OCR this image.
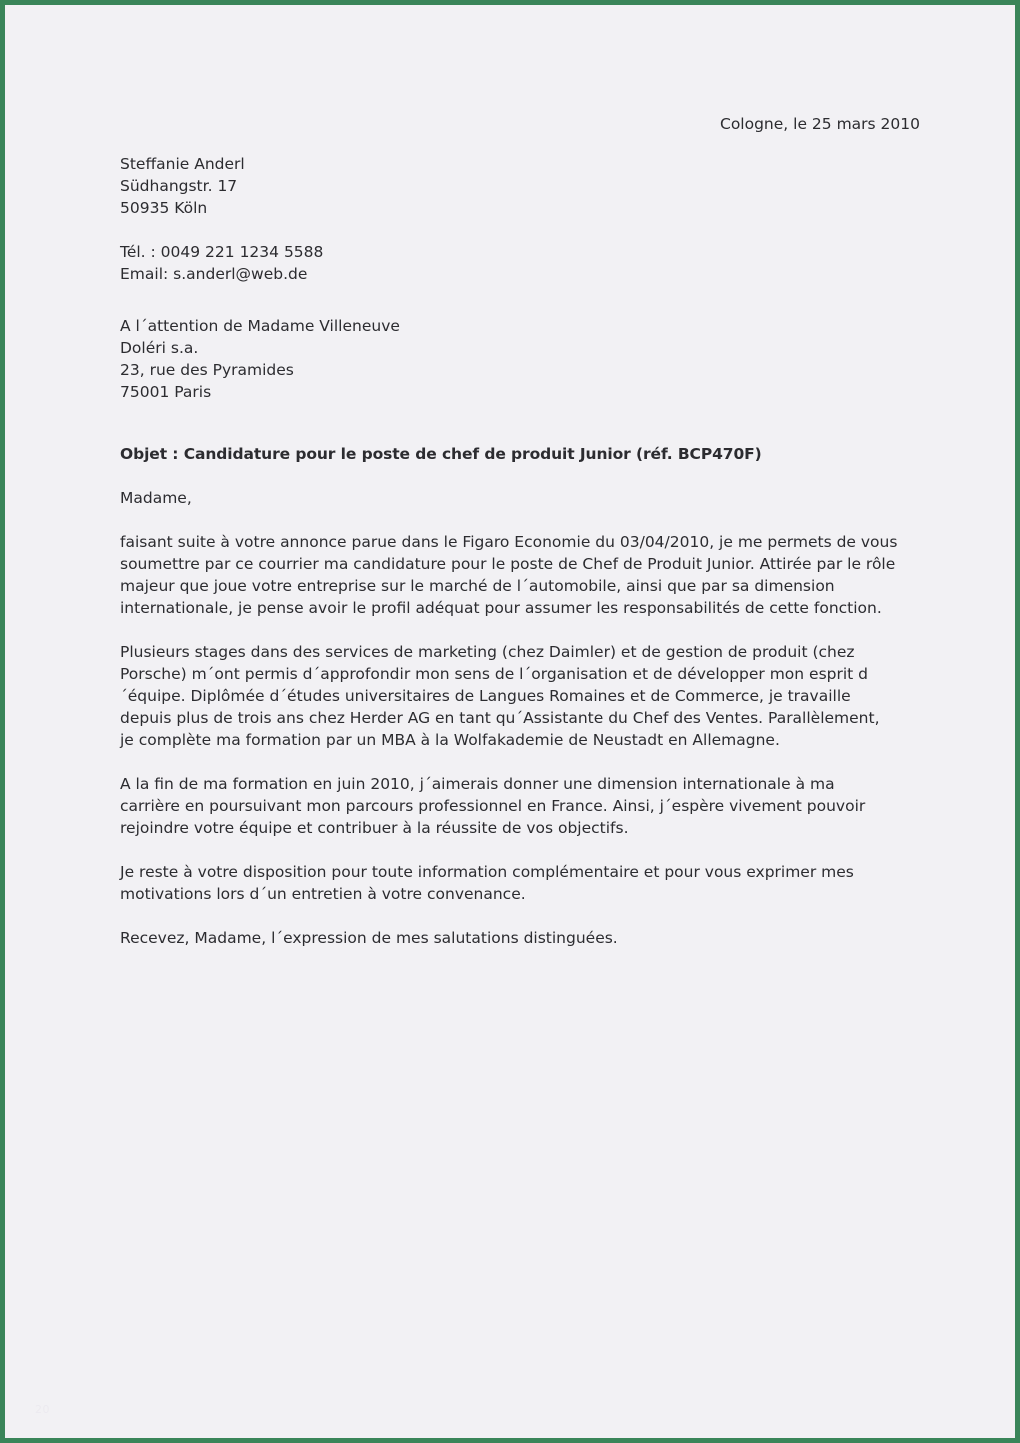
Cologne, le 25 mars 2010
Steffanie Anderl
Südhangstr. 17
50935 Köln
Tél. : 0049 221 1234 5588
Email: s.anderl@web.de
A l´attention de Madame Villeneuve
Doléri s.a.
23, rue des Pyramides
75001 Paris
Objet : Candidature pour le poste de chef de produit Junior (réf. BCP470F)
Madame,

faisant suite à votre annonce parue dans le Figaro Economie du 03/04/2010, je me permets de vous soumettre par ce courrier ma candidature pour le poste de Chef de Produit Junior. Attirée par le rôle majeur que joue votre entreprise sur le marché de l´automobile, ainsi que par sa dimension internationale, je pense avoir le profil adéquat pour assumer les responsabilités de cette fonction.

Plusieurs stages dans des services de marketing (chez Daimler) et de gestion de produit (chez Porsche) m´ont permis d´approfondir mon sens de l´organisation et de développer mon esprit d´équipe. Diplômée d´études universitaires de Langues Romaines et de Commerce, je travaille depuis plus de trois ans chez Herder AG en tant qu´Assistante du Chef des Ventes. Parallèlement, je complète ma formation par un MBA à la Wolfakademie de Neustadt en Allemagne.

A la fin de ma formation en juin 2010, j´aimerais donner une dimension internationale à ma carrière en poursuivant mon parcours professionnel en France. Ainsi, j´espère vivement pouvoir rejoindre votre équipe et contribuer à la réussite de vos objectifs.

Je reste à votre disposition pour toute information complémentaire et pour vous exprimer mes motivations lors d´un entretien à votre convenance.

Recevez, Madame, l´expression de mes salutations distinguées.

20
